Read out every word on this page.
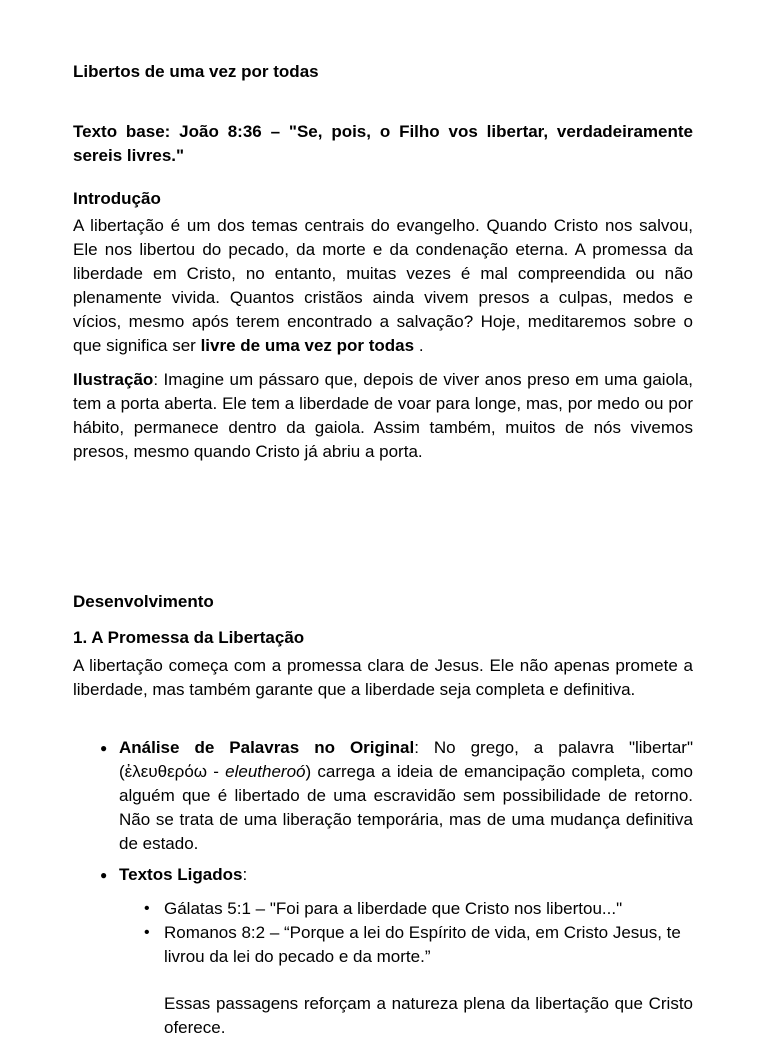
Libertos de uma vez por todas

Texto base: João 8:36 – "Se, pois, o Filho vos libertar, verdadeiramente sereis livres."

Introdução

A libertação é um dos temas centrais do evangelho. Quando Cristo nos salvou, Ele nos libertou do pecado, da morte e da condenação eterna. A promessa da liberdade em Cristo, no entanto, muitas vezes é mal compreendida ou não plenamente vivida. Quantos cristãos ainda vivem presos a culpas, medos e vícios, mesmo após terem encontrado a salvação? Hoje, meditaremos sobre o que significa ser livre de uma vez por todas .

Ilustração: Imagine um pássaro que, depois de viver anos preso em uma gaiola, tem a porta aberta. Ele tem a liberdade de voar para longe, mas, por medo ou por hábito, permanece dentro da gaiola. Assim também, muitos de nós vivemos presos, mesmo quando Cristo já abriu a porta.

Desenvolvimento

1. A Promessa da Libertação

A libertação começa com a promessa clara de Jesus. Ele não apenas promete a liberdade, mas também garante que a liberdade seja completa e definitiva.

● Análise de Palavras no Original: No grego, a palavra "libertar" (ἐλευθερόω - eleutheroó) carrega a ideia de emancipação completa, como alguém que é libertado de uma escravidão sem possibilidade de retorno. Não se trata de uma liberação temporária, mas de uma mudança definitiva de estado.
● Textos Ligados:
• Gálatas 5:1 – "Foi para a liberdade que Cristo nos libertou..."
• Romanos 8:2 – “Porque a lei do Espírito de vida, em Cristo Jesus, te livrou da lei do pecado e da morte.”

Essas passagens reforçam a natureza plena da libertação que Cristo oferece.
